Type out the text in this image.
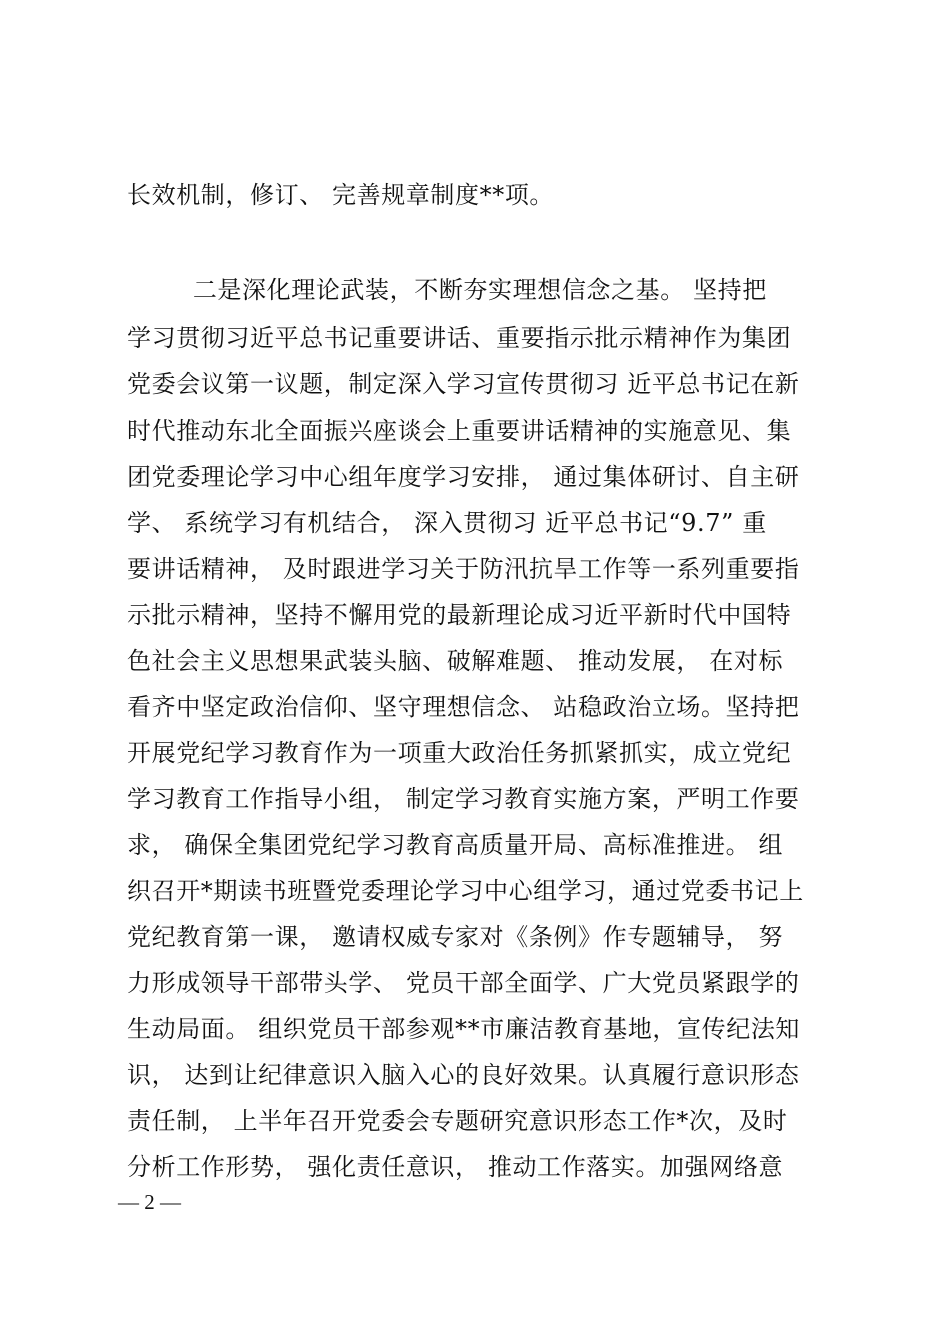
长效机制，修订、 完善规章制度**项。
二是深化理论武装，不断夯实理想信念之基。 坚持把
学习贯彻习近平总书记重要讲话、重要指示批示精神作为集团
党委会议第一议题，制定深入学习宣传贯彻习 近平总书记在新
时代推动东北全面振兴座谈会上重要讲话精神的实施意见、集
团党委理论学习中心组年度学习安排， 通过集体研讨、自主研
学、 系统学习有机结合， 深入贯彻习 近平总书记“9.7” 重
要讲话精神， 及时跟进学习关于防汛抗旱工作等一系列重要指
示批示精神，坚持不懈用党的最新理论成习近平新时代中国特
色社会主义思想果武装头脑、破解难题、 推动发展， 在对标
看齐中坚定政治信仰、坚守理想信念、 站稳政治立场。坚持把
开展党纪学习教育作为一项重大政治任务抓紧抓实，成立党纪
学习教育工作指导小组， 制定学习教育实施方案，严明工作要
求， 确保全集团党纪学习教育高质量开局、高标准推进。 组
织召开*期读书班暨党委理论学习中心组学习，通过党委书记上
党纪教育第一课， 邀请权威专家对《条例》作专题辅导， 努
力形成领导干部带头学、 党员干部全面学、广大党员紧跟学的
生动局面。 组织党员干部参观**市廉洁教育基地，宣传纪法知
识， 达到让纪律意识入脑入心的良好效果。认真履行意识形态
责任制， 上半年召开党委会专题研究意识形态工作*次，及时
分析工作形势， 强化责任意识， 推动工作落实。加强网络意
— 2 —
